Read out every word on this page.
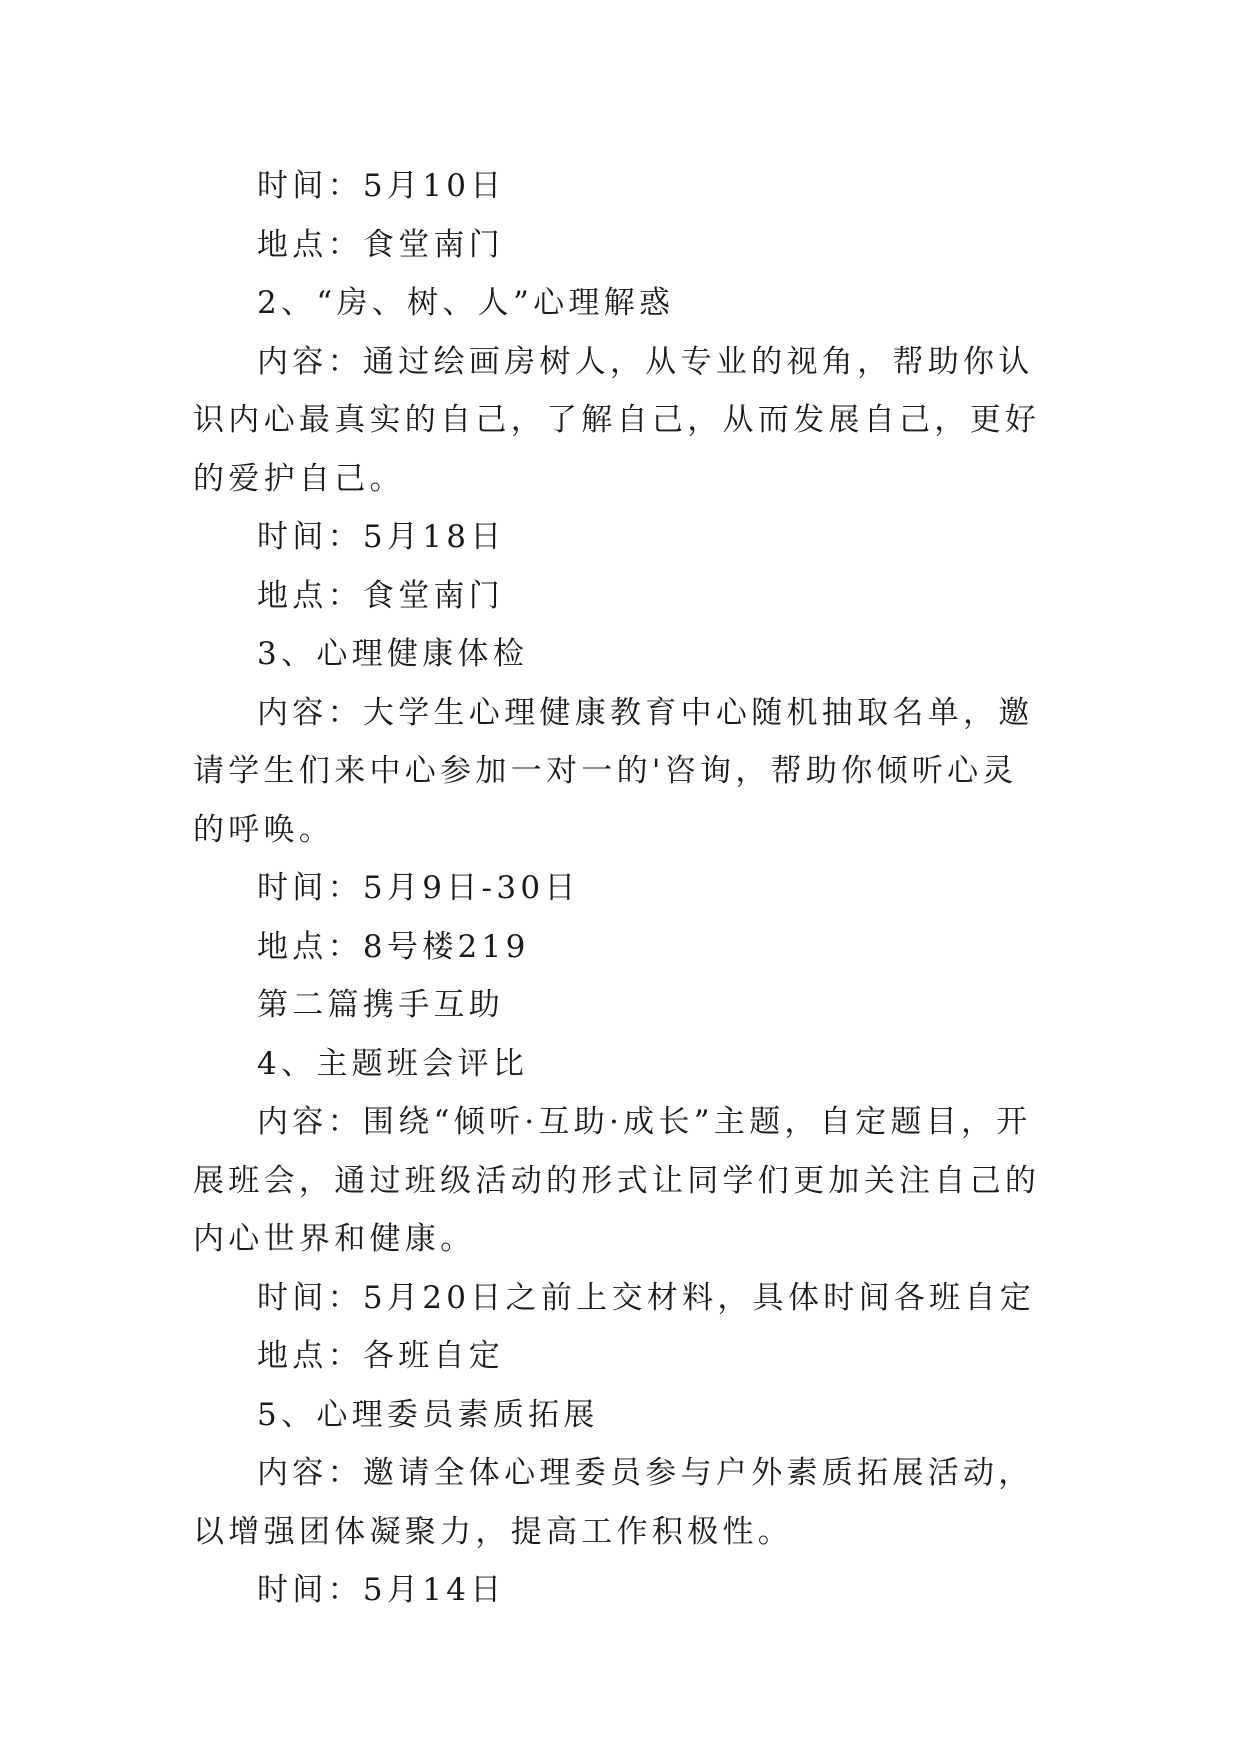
时间：5月10日

地点：食堂南门

2、“房、树、人”心理解惑

内容：通过绘画房树人，从专业的视角，帮助你认识内心最真实的自己，了解自己，从而发展自己，更好的爱护自己。

时间：5月18日

地点：食堂南门

3、心理健康体检

内容：大学生心理健康教育中心随机抽取名单，邀请学生们来中心参加一对一的'咨询，帮助你倾听心灵的呼唤。

时间：5月9日-30日

地点：8号楼219

第二篇携手互助

4、主题班会评比

内容：围绕“倾听·互助·成长”主题，自定题目，开展班会，通过班级活动的形式让同学们更加关注自己的内心世界和健康。

时间：5月20日之前上交材料，具体时间各班自定

地点：各班自定

5、心理委员素质拓展

内容：邀请全体心理委员参与户外素质拓展活动，以增强团体凝聚力，提高工作积极性。

时间：5月14日
